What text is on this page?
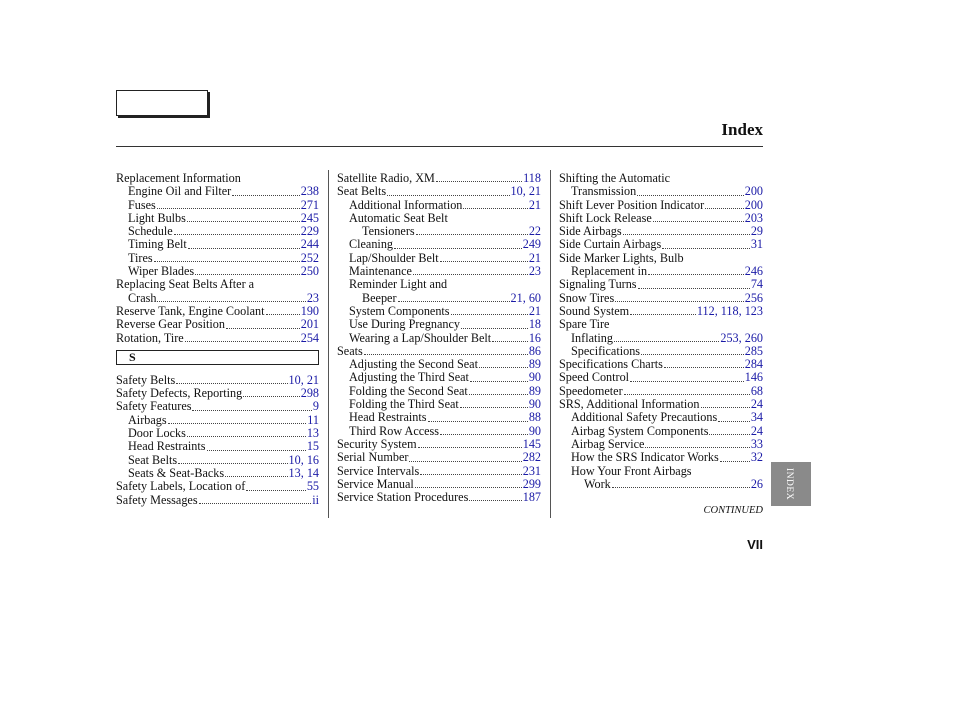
Index
Replacement Information
Engine Oil and Filter	238
Fuses	271
Light Bulbs	245
Schedule	229
Timing Belt	244
Tires	252
Wiper Blades	250
Replacing Seat Belts After a
Crash	23
Reserve Tank, Engine Coolant	190
Reverse Gear Position	201
Rotation, Tire	254
S
Safety Belts	10, 21
Safety Defects, Reporting	298
Safety Features	9
Airbags	11
Door Locks	13
Head Restraints	15
Seat Belts	10, 16
Seats & Seat-Backs	13, 14
Safety Labels, Location of	55
Safety Messages	ii
Satellite Radio, XM	118
Seat Belts	10, 21
Additional Information	21
Automatic Seat Belt
Tensioners	22
Cleaning	249
Lap/Shoulder Belt	21
Maintenance	23
Reminder Light and
Beeper	21, 60
System Components	21
Use During Pregnancy	18
Wearing a Lap/Shoulder Belt	16
Seats	86
Adjusting the Second Seat	89
Adjusting the Third Seat	90
Folding the Second Seat	89
Folding the Third Seat	90
Head Restraints	88
Third Row Access	90
Security System	145
Serial Number	282
Service Intervals	231
Service Manual	299
Service Station Procedures	187
Shifting the Automatic
Transmission	200
Shift Lever Position Indicator	200
Shift Lock Release	203
Side Airbags	29
Side Curtain Airbags	31
Side Marker Lights, Bulb
Replacement in	246
Signaling Turns	74
Snow Tires	256
Sound System	112, 118, 123
Spare Tire
Inflating	253, 260
Specifications	285
Specifications Charts	284
Speed Control	146
Speedometer	68
SRS, Additional Information	24
Additional Safety Precautions	34
Airbag System Components	24
Airbag Service	33
How the SRS Indicator Works	32
How Your Front Airbags
Work	26
CONTINUED
VII
INDEX
